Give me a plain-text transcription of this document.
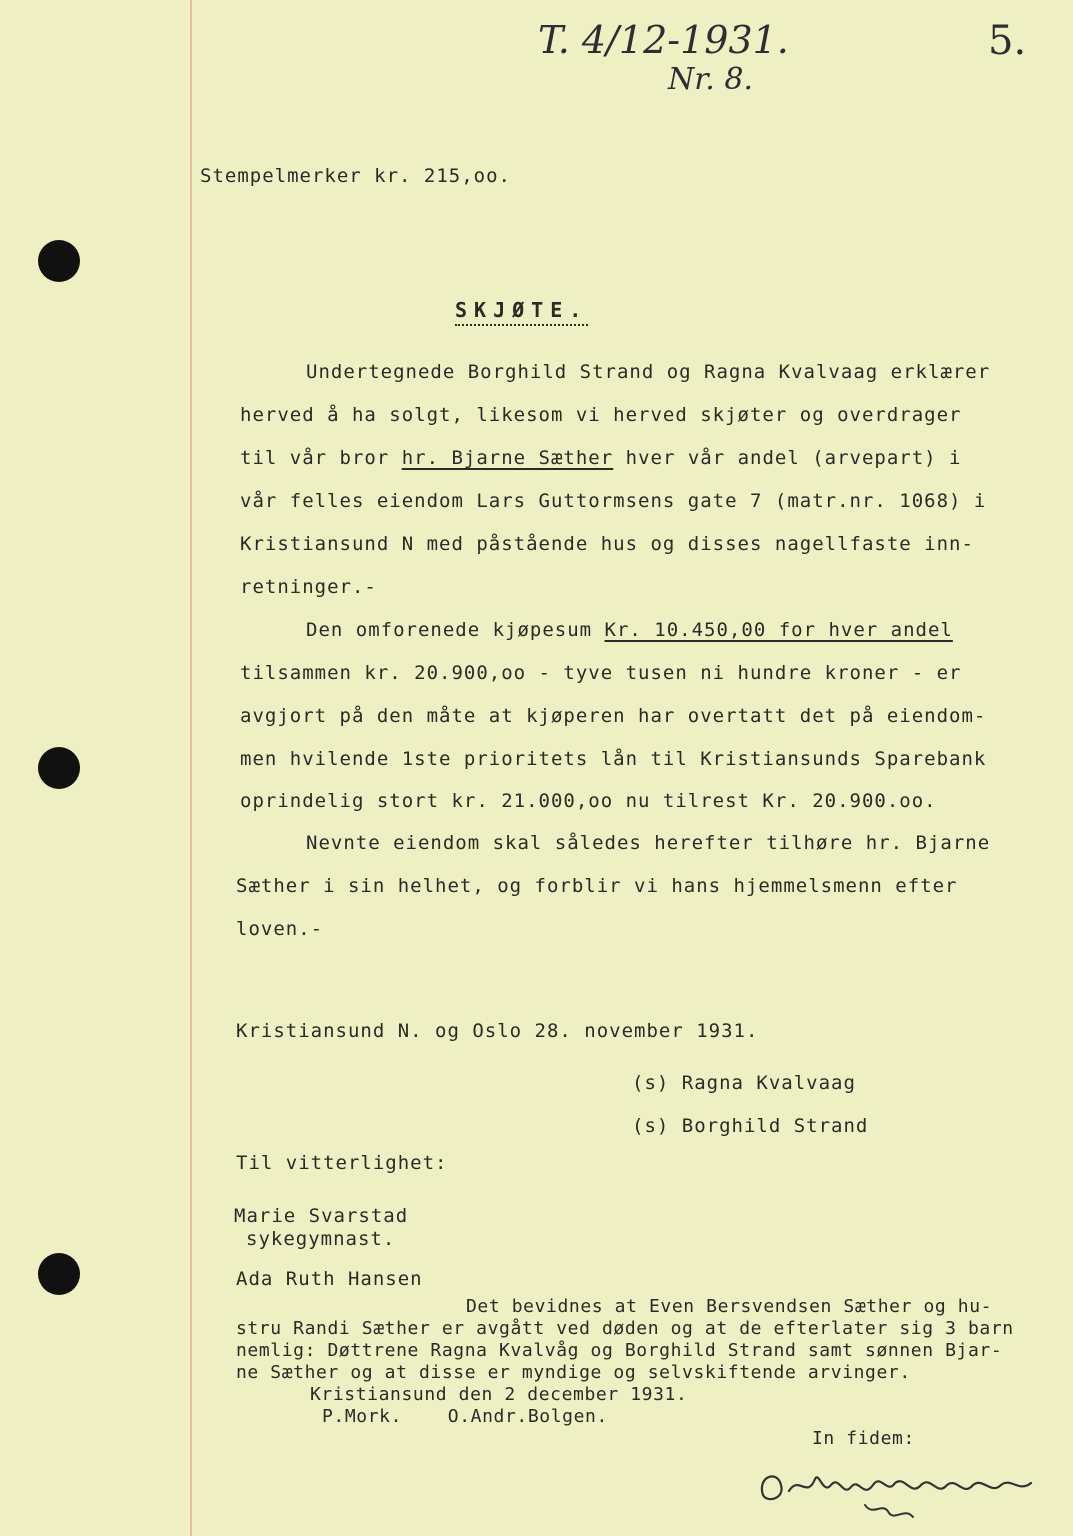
T. 4/12-1931.
Nr. 8.
5.
Stempelmerker kr. 215,oo.
SKJØTE.
Undertegnede Borghild Strand og Ragna Kvalvaag erklærer
herved å ha solgt, likesom vi herved skjøter og overdrager
til vår bror hr. Bjarne Sæther hver vår andel (arvepart) i
vår felles eiendom Lars Guttormsens gate 7 (matr.nr. 1068) i
Kristiansund N med påstående hus og disses nagellfaste inn-
retninger.-
Den omforenede kjøpesum Kr. 10.450,00 for hver andel
tilsammen kr. 20.900,oo - tyve tusen ni hundre kroner - er
avgjort på den måte at kjøperen har overtatt det på eiendom-
men hvilende 1ste prioritets lån til Kristiansunds Sparebank
oprindelig stort kr. 21.000,oo nu tilrest Kr. 20.900.oo.
Nevnte eiendom skal således herefter tilhøre hr. Bjarne
Sæther i sin helhet, og forblir vi hans hjemmelsmenn efter
loven.-
Kristiansund N. og Oslo 28. november 1931.
(s) Ragna Kvalvaag
(s) Borghild Strand
Til vitterlighet:
Marie Svarstad
sykegymnast.
Ada Ruth Hansen
Det bevidnes at Even Bersvendsen Sæther og hu-
stru Randi Sæther er avgått ved døden og at de efterlater sig 3 barn
nemlig: Døttrene Ragna Kvalvåg og Borghild Strand samt sønnen Bjar-
ne Sæther og at disse er myndige og selvskiftende arvinger.
Kristiansund den 2 december 1931.
P.Mork.    O.Andr.Bolgen.
In fidem:
